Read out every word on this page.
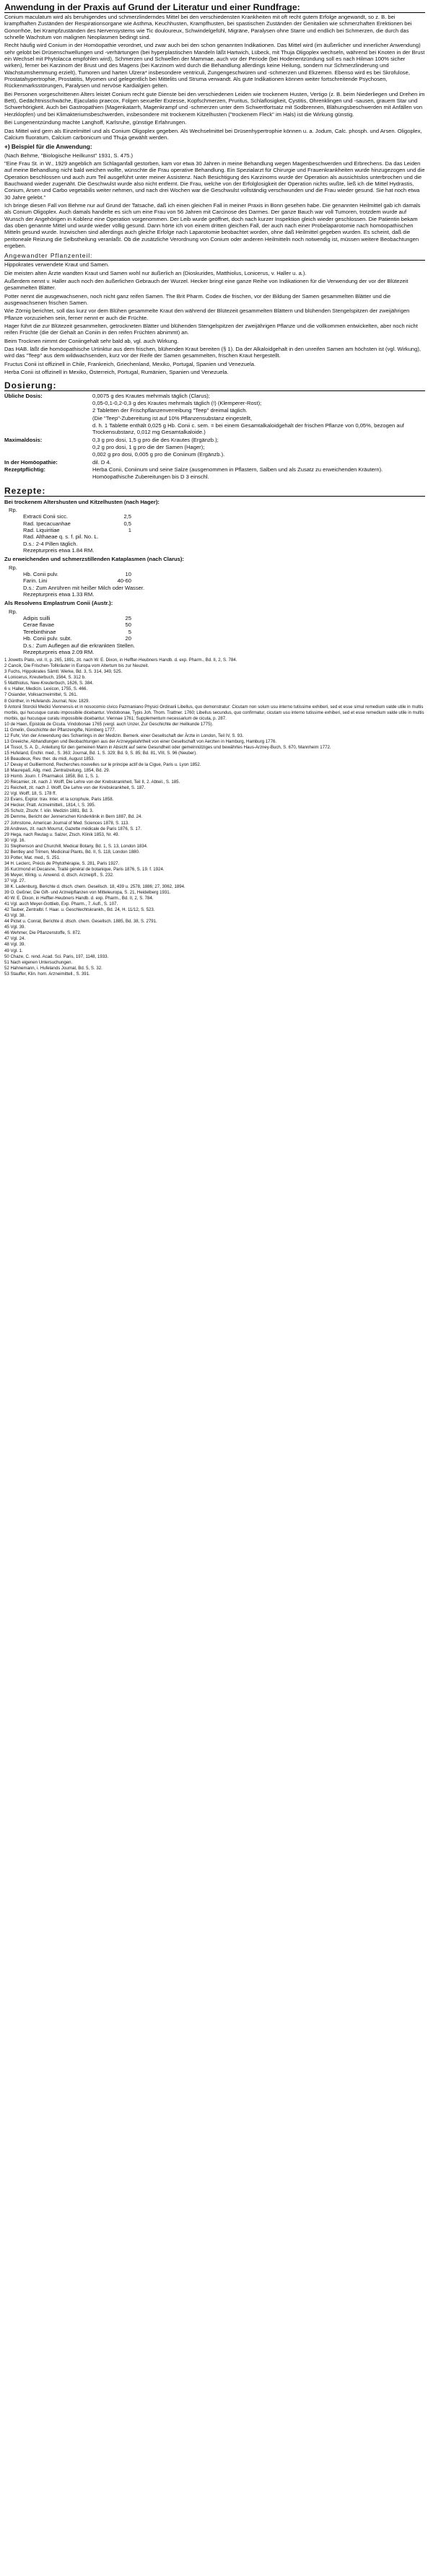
Anwendung in der Praxis auf Grund der Literatur und einer Rundfrage:

Conium maculatum wird als beruhigendes und schmerzlinderndes Mittel bei den verschiedensten Krankheiten mit oft recht gutem Erfolge angewandt, so z. B. bei krampfhaften Zuständen der Respirationsorgane wie Asthma, Keuchhusten, Krampfhusten, bei spastischen Zuständen der Genitalien wie schmerzhaften Erektionen bei Gonorrhöe, bei Krampfzuständen des Nervensystems wie Tic douloureux, Schwindelgefühl, Migräne, Paralysen ohne Starre und endlich bei Schmerzen, die durch das schnelle Wachstum von malignen Neoplasmen bedingt sind.

Recht häufig wird Conium in der Homöopathie verordnet, und zwar auch bei den schon genannten Indikationen. Das Mittel wird (im äußerlicher und innerlicher Anwendung) sehr gelobt bei Drüsenschwellungen und -verhärtungen (bei hyperplastischen Mandeln läßt Hartwich, Lübeck, mit Thuja Oligoplex wechseln, während bei Knoten in der Brust ein Wechsel mit Phytolacca empfohlen wird), Schmerzen und Schwellen der Mammae, auch vor der Periode (bei Hodenentzündung soll es nach Hilman 100% sicher wirken), ferner bei Karzinom der Brust und des Magens (bei Karzinom wird durch die Behandlung allerdings keine Heilung, sondern nur Schmerzlinderung und Wachstumshemmung erzielt), Tumoren und harten Ulzera* insbesondere ventriculi, Zungengeschwüren und -schmerzen und Ekzemen. Ebenso wird es bei Skrofulose, Prostatahypertrophie, Prostatitis, Myomen und gelegentlich bei Mittelits und Struma verwandt. Als gute Indikationen können weiter fortschreitende Psychosen, Rückenmarksstörungen, Paralysen und nervöse Kardialgien gelten.

Bei Personen vorgeschrittenen Alters leistet Conium recht gute Dienste bei den verschiedenen Leiden wie trockenem Husten, Vertigo (z. B. beim Niederliegen und Drehen im Bett), Gedächtnisschwäche, Ejaculatio praecox, Folgen sexueller Exzesse, Kopfschmerzen, Pruritus, Schlaflosigkeit, Cystitis, Ohrenklingen und -sausen, grauem Star und Schwerhörigkeit. Auch bei Gastropathien (Magenkatarrh, Magenkrampf und -schmerzen unter dem Schwertfortsatz mit Sodbrennen, Blähungsbeschwerden mit Anfällen von Herzklopfen) und bei Klimakteriumsbeschwerden, insbesondere mit trockenem Kitzelhusten ("trockenem Fleck" im Hals) ist die Wirkung günstig.

Bei Lungenentzündung machte Langhoff, Karlsruhe, günstige Erfahrungen.

Das Mittel wird gern als Einzelmittel und als Conium Oligoplex gegeben. Als Wechselmittel bei Drüsenhypertrophie können u. a. Jodum, Calc. phosph. und Arsen. Oligoplex, Calcium fluoratum, Calcium carbonicum und Thuja gewählt werden.

+) Beispiel für die Anwendung:

(Nach Behme, "Biologische Heilkunst" 1931, S. 475.)

"Eine Frau St. in W., 1929 angeblich am Schlaganfall gestorben, kam vor etwa 30 Jahren in meine Behandlung wegen Magenbeschwerden und Erbrechens. Da das Leiden auf meine Behandlung nicht bald weichen wollte, wünschte die Frau operative Behandlung. Ein Spezialarzt für Chirurgie und Frauenkrankheiten wurde hinzugezogen und die Operation beschlossen und auch zum Teil ausgeführt unter meiner Assistenz. Nach Besichtigung des Karzinoms wurde der Operation als aussichtslos unterbrochen und die Bauchwand wieder zugenäht. Die Geschwulst wurde also nicht entfernt. Die Frau, welche von der Erfolglosigkeit der Operation nichts wußte, ließ ich die Mittel Hydrastis, Conium, Arsen und Carbo vegetabilis weiter nehmen, und nach drei Wochen war die Geschwulst vollständig verschwunden und die Frau wieder gesund. Sie hat noch etwa 30 Jahre gelebt."

Ich bringe diesen Fall von Behme nur auf Grund der Tatsache, daß ich einen gleichen Fall in meiner Praxis in Bonn gesehen habe. Die genannten Heilmittel gab ich damals als Conium Oligoplex. Auch damals handelte es sich um eine Frau von 56 Jahren mit Carcinose des Darmes. Der ganze Bauch war voll Tumoren, trotzdem wurde auf Wunsch der Angehörigen in Koblenz eine Operation vorgenommen. Der Leib wurde geöffnet, doch nach kurzer Inspektion gleich wieder geschlossen. Die Patientin bekam das oben genannte Mittel und wurde wieder völlig gesund. Dann hörte ich von einem dritten gleichen Fall, der auch nach einer Probelaparotomie nach homöopathischen Mitteln gesund wurde. Inzwischen sind allerdings auch gleiche Erfolge nach Laparotomie beobachtet worden, ohne daß Heilmittel gegeben wurden. Es scheint, daß die peritoneale Reizung die Selbstheilung veranlaßt. Ob die zusätzliche Verordnung von Conium oder anderen Heilmitteln noch notwendig ist, müssen weitere Beobachtungen ergeben.

Angewandter Pflanzenteil:

Hippokrates verwendete Kraut und Samen.

Die meisten alten Ärzte wandten Kraut und Samen wohl nur äußerlich an (Dioskurides, Matthiolus, Lonicerus, v. Haller u. a.).

Außerdem nennt v. Haller auch noch den äußerlichen Gebrauch der Wurzel. Hecker bringt eine ganze Reihe von Indikationen für die Verwendung der vor der Blütezeit gesammelten Blätter.

Potter nennt die ausgewachsenen, noch nicht ganz reifen Samen. The Brit Pharm. Codex die frischen, vor der Bildung der Samen gesammelten Blätter und die ausgewachsenen frischen Samen.

Wie Zörnig berichtet, soll das kurz vor dem Blühen gesammelte Kraut den während der Blütezeit gesammelten Blättern und blühenden Stengelspitzen der zweijährigen Pflanze vorzuziehen sein, ferner nennt er auch die Früchte.

Hager führt die zur Blütezeit gesammelten, getrockneten Blätter und blühenden Stengelspitzen der zweijährigen Pflanze und die vollkommen entwickelten, aber noch nicht reifen Früchte (die der Gehalt an Coniin in den reifen Früchten abnimmt) an.

Beim Trocknen nimmt der Coniingehalt sehr bald ab, vgl. auch Wirkung.

Das HAB. läßt die homöopathische Urtinktur aus dem frischen, blühenden Kraut bereiten (§ 1). Da der Alkaloidgehalt in den unreifen Samen am höchsten ist (vgl. Wirkung), wird das "Teep" aus dem wildwachsenden, kurz vor der Reife der Samen gesammelten, frischen Kraut hergestellt.

Fructus Conii ist offizinell in Chile, Frankreich, Griechenland, Mexiko, Portugal, Spanien und Venezuela.

Herba Conii ist offizinell in Mexiko, Österreich, Portugal, Rumänien, Spanien und Venezuela.

Dosierung:
Übliche Dosis:	0,0075 g des Krautes mehrmals täglich (Clarus);

0,05-0,1-0,2-0,3 g des Krautes mehrmals täglich (!) (Klemperer-Rost);

2 Tabletten der Frischpflanzenverreibung "Teep" dreimal täglich.

(Die "Teep"-Zubereitung ist auf 10% Pflanzensubstanz eingestellt,

d. h. 1 Tablette enthält 0,025 g Hb. Conii c. sem. = bei einem Gesamtalkaloidgehalt der frischen Pflanze von 0,05%, bezogen auf Trockensubstanz, 0,012 mg Gesamtalkaloide.)

Maximaldosis:	0,3 g pro dosi, 1,5 g pro die des Krautes (Ergänzb.);

0,2 g pro dosi, 1 g pro die der Samen (Hager);

0,002 g pro dosi, 0,005 g pro die Coniinum (Ergänzb.).

In der Homöopathie:	dil. D 4.

Rezeptpflichtig:	Herba Conii, Coniinum und seine Salze (ausgenommen in Pflastern, Salben und als Zusatz zu erweichenden Kräutern).

Homöopathische Zubereitungen bis D 3 einschl.

Rezepte:

Bei trockenem Altershusten und Kitzelhusten (nach Hager):

Rp.
Extracti Conii sicc.	2,5
Rad. Ipecacuanhae	0,5
Rad. Liquiritiae	1
Rad. Althaeae q. s. f. pil. No. L.
D.s.: 2-4 Pillen täglich.
Rezepturpreis etwa 1.84 RM.

Zu erweichenden und schmerzstillenden Kataplasmen (nach Clarus):

Rp.
Hb. Conii pulv.	10
Farin. Lini	40-60
D.s.: Zum Anrühren mit heißer Milch oder Wasser.
Rezepturpreis etwa 1.33 RM.

Als Resolvens Emplastrum Conii (Austr.):

Rp.
Adipis suilli	25
Cerae flavae	50
Terebinthinae	5
Hb. Conii pulv. subt.	20
D.s.: Zum Auflegen auf die erkrankten Stellen.
Rezepturpreis etwa 2.09 RM.
1 Jowetts Plato, vol. II, p. 265, 1891, zit. nach W. E. Dixon, in Heffter-Heubners Handb. d. exp. Pharm., Bd. II, 2, S. 784.
2 Cancik, Die Frischen-Tollkräuter in Europa vom Altertum bis zur Neuzeit.
3 Fuchs, Hippokrates Sämtl. Werke, Bd. 3, S. 314, 349, 525.
4 Lonicerus, Kreuterbuch, 1564, S. 312 b.
5 Matthiolus, New-Kreuterbuch, 1626, S. 384.
6 v. Haller, Medicin. Lexicon, 1755, S. 466.
7 Osiander, Volksarzneimittel, S. 261.
8 Günther, in Hufelands Journal, Nov. 1829.
9 Antonii Storckii Medici Viennensis et in nosocomio civico Pazmaniano Physici Ordinarii Libellus, quo demonstratur: Cicutam non solum usu interno tutissime exhiberi, sed et esse simul remedium valde utile in multis morbis, qui hucusque curatu impossibile dicebantur. Vindobonae, Typis Joh. Thom. Trattner. 1760; Libellus secundus, quo confirmatur, cicutam usu interno tutissime exhiberi, sed et esse remedium valde utile in multis morbis, qui hucusque curatu impossibile dicebantur. Viennae 1761; Supplementum necessarium de cicuta, p. 287.
10 de Haen, Epistola de Cicuta. Vindobonae 1765 (vergl. auch Unzer, Zur Geschichte der Heilkunde 1775).
11 Gmelin, Geschichte der Pflanzengifte, Nürnberg 1777.
12 Fuhr, Von der Anwendung des Schierlings in der Medizin. Bemerk. einer Gesellschaft der Ärzte in London, Teil IV, S. 93.
13 Greeiche, Abhandlungen und Beobachtungen aus der Arzneygelahrtheit von einer Gesellschaft von Aerzten in Hamburg, Hamburg 1776.
14 Tissot, S. A. D., Anleitung für den gemeinen Mann in Absicht auf seine Gesundheit oder gemeinnütziges und bewährtes Haus-Arzney-Buch, S. 670, Mannheim 1772.
15 Hufeland, Enchir. med., S. 363; Journal, Bd. 1, S. 329; Bd. 9, S. 85; Bd. 81, VIII, S. 96 (Neuber).
16 Beaudeux, Rev. ther. du midi, August 1853.
17 Devay et Guilliermond, Recherches nouvelles sur le principe actif de la Cigue, Paris u. Lyon 1852.
18 Maurepaß, Allg. med. Zentralzeitung, 1854, Bd. 29.
19 Homb. Journ. f. Pharmakol. 1858, Bd. 1, S. 1.
20 Récamier, zit. nach J. Wolff, Die Lehre von der Krebskrankheit, Teil II, 2. Abteil., S. 185.
21 Reichelt, zit. nach J. Wolff, Die Lehre von der Krebskrankheit, S. 187.
22 Vgl. Wolff, 18, S. 178 ff.
23 Evans, Explor. trav. Inter. et la scrophule, Paris 1858.
24 Hecker, Pratt. Arzneimittell., 1814, I, S. 395.
25 Schulz, Ztschr. f. klin. Medizin 1881, Bd. 3.
26 Demme, Bericht der Jennerschen Kinderklinik in Bern 1887, Bd. 24.
27 Johnstone, American Journal of Med. Sciences 1878, S. 113.
28 Andrews, zit. nach Mourrut, Gazette médicale de Paris 1876, S. 17.
29 Hega, nach Reutag u. Salzer, Ztsch. Klinik 1853, Nr. 49.
30 Vgl. 16.
31 Stephenson and Churchill, Medical Botany, Bd. 1, S. 13, London 1834.
32 Bentley and Trimen, Medicinal Plants, Bd. II, S. 118, London 1880.
33 Potter, Mat. med., S. 251.
34 H. Leclerc, Précis de Phytothérapie, S. 281, Paris 1927.
35 Kurzmond et Decaisne, Traité général de botanique, Paris 1876, S. 19. f. 1924.
36 Meyer, Wirkg. u. Anwend. d. dtsch. Arzneipfl., S. 232.
37 Vgl. 27.
38 K. Ladenburg, Berichte d. dtsch. chem. Gesellsch. 18, 439 u. 2578, 1886; 27, 3062, 1894.
39 O. Geßner, Die Gift- und Arzneipflanzen von Mitteleuropa, S. 21, Heidelberg 1931.
40 W. E. Dixon, in Heffter-Heubners Handb. d. exp. Pharm., Bd. II, 2, S. 784.
41 Vgl. auch Meyer-Gottlieb, Exp. Pharm., 7. Aufl., S. 107.
42 Tauber, Zentralbl. f. Haar. u. Geschlechtskrankh., Bd. 24, H. 11/12, S. 523.
43 Vgl. 38.
44 Pictet u. Conrat, Berichte d. dtsch. chem. Gesellsch. 1885, Bd. 38, S. 2791.
45 Vgl. 39.
46 Wehmer, Die Pflanzenstoffe, S. 872.
47 Vgl. 24.
48 Vgl. 39.
49 Vgl. 1.
50 Chaze, C. rend. Acad. Sci. Paris, 197, 1148, 1933.
51 Nach eigenen Untersuchungen.
52 Hahnemann, i. Hufelands Journal, Bd. 5, S. 32.
53 Stauffer, Klin. hom. Arzneimittell., S. 391.
